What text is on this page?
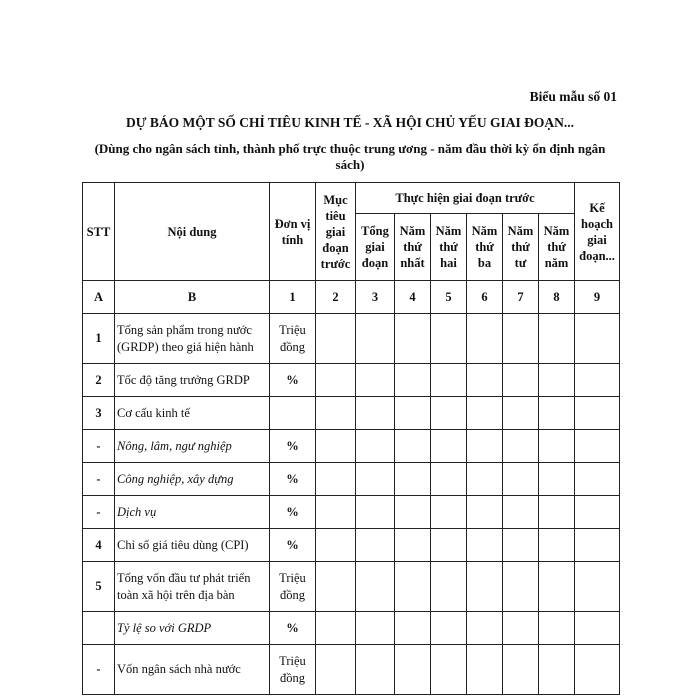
Biểu mẫu số 01
DỰ BÁO MỘT SỐ CHỈ TIÊU KINH TẾ - XÃ HỘI CHỦ YẾU GIAI ĐOẠN...
(Dùng cho ngân sách tỉnh, thành phố trực thuộc trung ương - năm đầu thời kỳ ổn định ngân sách)
STT	Nội dung	Đơn vị tính	Mục tiêu giai đoạn trước	Thực hiện giai đoạn trước						Kế hoạch giai đoạn...
				Tổng giai đoạn	Năm thứ nhất	Năm thứ hai	Năm thứ ba	Năm thứ tư	Năm thứ năm	
A	B	1	2	3	4	5	6	7	8	9
1	Tổng sản phẩm trong nước (GRDP) theo giá hiện hành	Triệu đồng								
2	Tốc độ tăng trưởng GRDP	%								
3	Cơ cấu kinh tế									
-	Nông, lâm, ngư nghiệp	%								
-	Công nghiệp, xây dựng	%								
-	Dịch vụ	%								
4	Chỉ số giá tiêu dùng (CPI)	%								
5	Tổng vốn đầu tư phát triển toàn xã hội trên địa bàn	Triệu đồng								
	Tỷ lệ so với GRDP	%								
-	Vốn ngân sách nhà nước	Triệu đồng								
